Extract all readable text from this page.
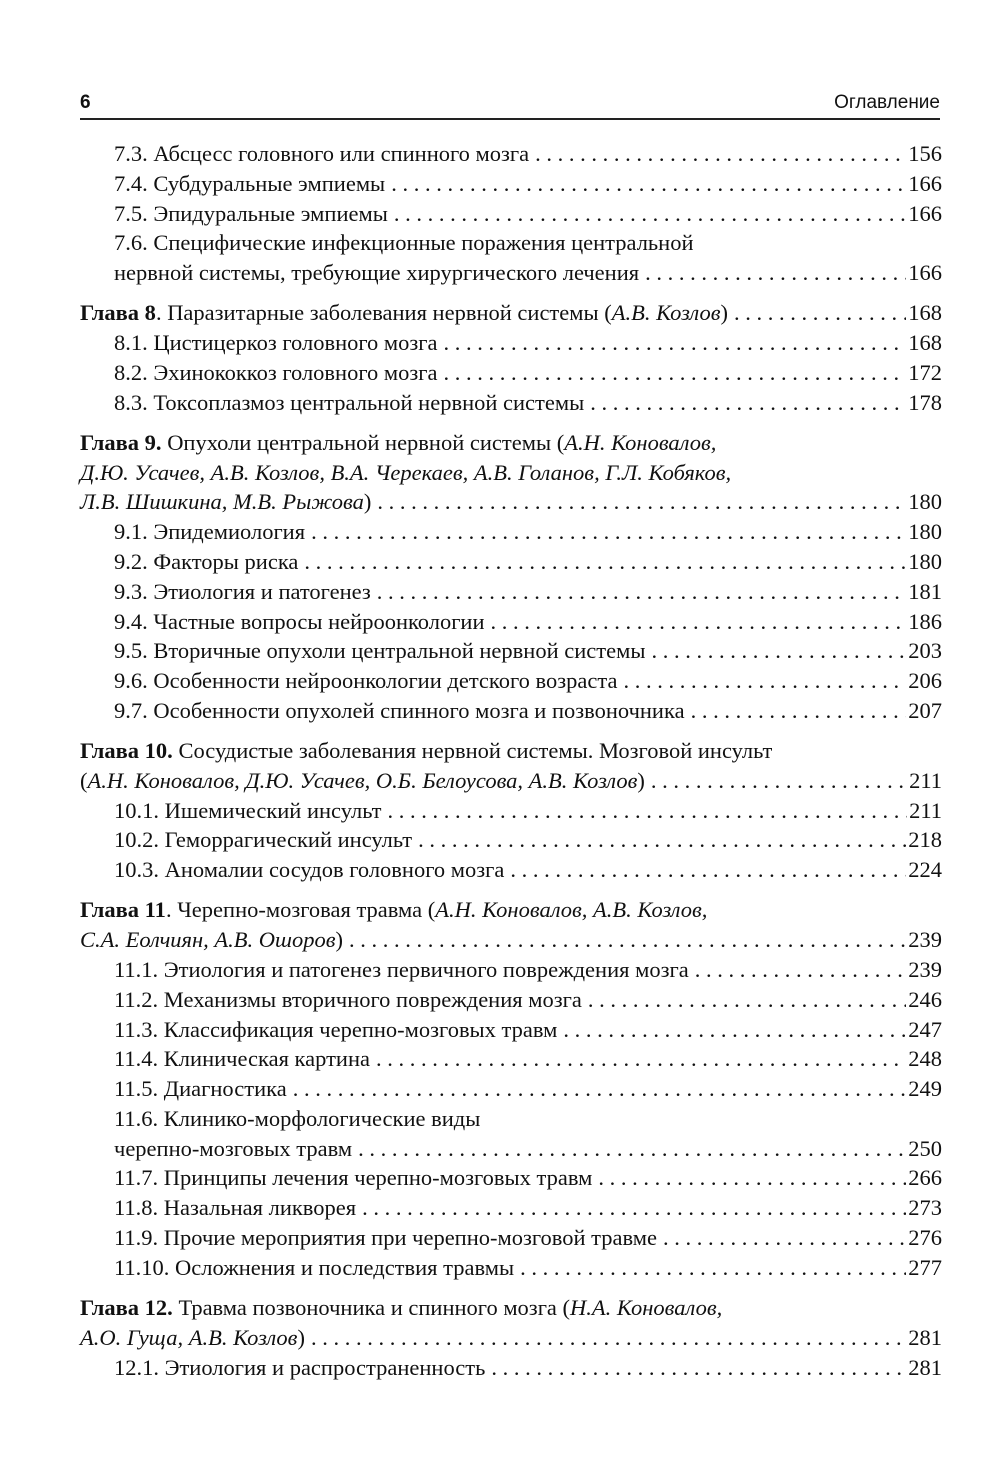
6	Оглавление
7.3. Абсцесс головного или спинного мозга . . .	156
7.4. Субдуральные эмпиемы . . .	166
7.5. Эпидуральные эмпиемы . . .	166
7.6. Специфические инфекционные поражения центральной
нервной системы, требующие хирургического лечения . . .	166
Глава 8. Паразитарные заболевания нервной системы (А.В. Козлов) . . .	168
8.1. Цистицеркоз головного мозга . . .	168
8.2. Эхинококкоз головного мозга . . .	172
8.3. Токсоплазмоз центральной нервной системы . . .	178
Глава 9. Опухоли центральной нервной системы (А.Н. Коновалов,
Д.Ю. Усачев, А.В. Козлов, В.А. Черекаев, А.В. Голанов, Г.Л. Кобяков,
Л.В. Шишкина, М.В. Рыжова) . . .	180
9.1. Эпидемиология . . .	180
9.2. Факторы риска . . .	180
9.3. Этиология и патогенез . . .	181
9.4. Частные вопросы нейроонкологии . . .	186
9.5. Вторичные опухоли центральной нервной системы . . .	203
9.6. Особенности нейроонкологии детского возраста . . .	206
9.7. Особенности опухолей спинного мозга и позвоночника . . .	207
Глава 10. Сосудистые заболевания нервной системы. Мозговой инсульт
(А.Н. Коновалов, Д.Ю. Усачев, О.Б. Белоусова, А.В. Козлов) . . .	211
10.1. Ишемический инсульт . . .	211
10.2. Геморрагический инсульт . . .	218
10.3. Аномалии сосудов головного мозга . . .	224
Глава 11. Черепно-мозговая травма (А.Н. Коновалов, А.В. Козлов,
С.А. Еолчиян, А.В. Ошоров) . . .	239
11.1. Этиология и патогенез первичного повреждения мозга . . .	239
11.2. Механизмы вторичного повреждения мозга . . .	246
11.3. Классификация черепно-мозговых травм . . .	247
11.4. Клиническая картина . . .	248
11.5. Диагностика . . .	249
11.6. Клинико-морфологические виды
черепно-мозговых травм . . .	250
11.7. Принципы лечения черепно-мозговых травм . . .	266
11.8. Назальная ликворея . . .	273
11.9. Прочие мероприятия при черепно-мозговой травме . . .	276
11.10. Осложнения и последствия травмы . . .	277
Глава 12. Травма позвоночника и спинного мозга (Н.А. Коновалов,
А.О. Гуща, А.В. Козлов) . . .	281
12.1. Этиология и распространенность . . .	281
